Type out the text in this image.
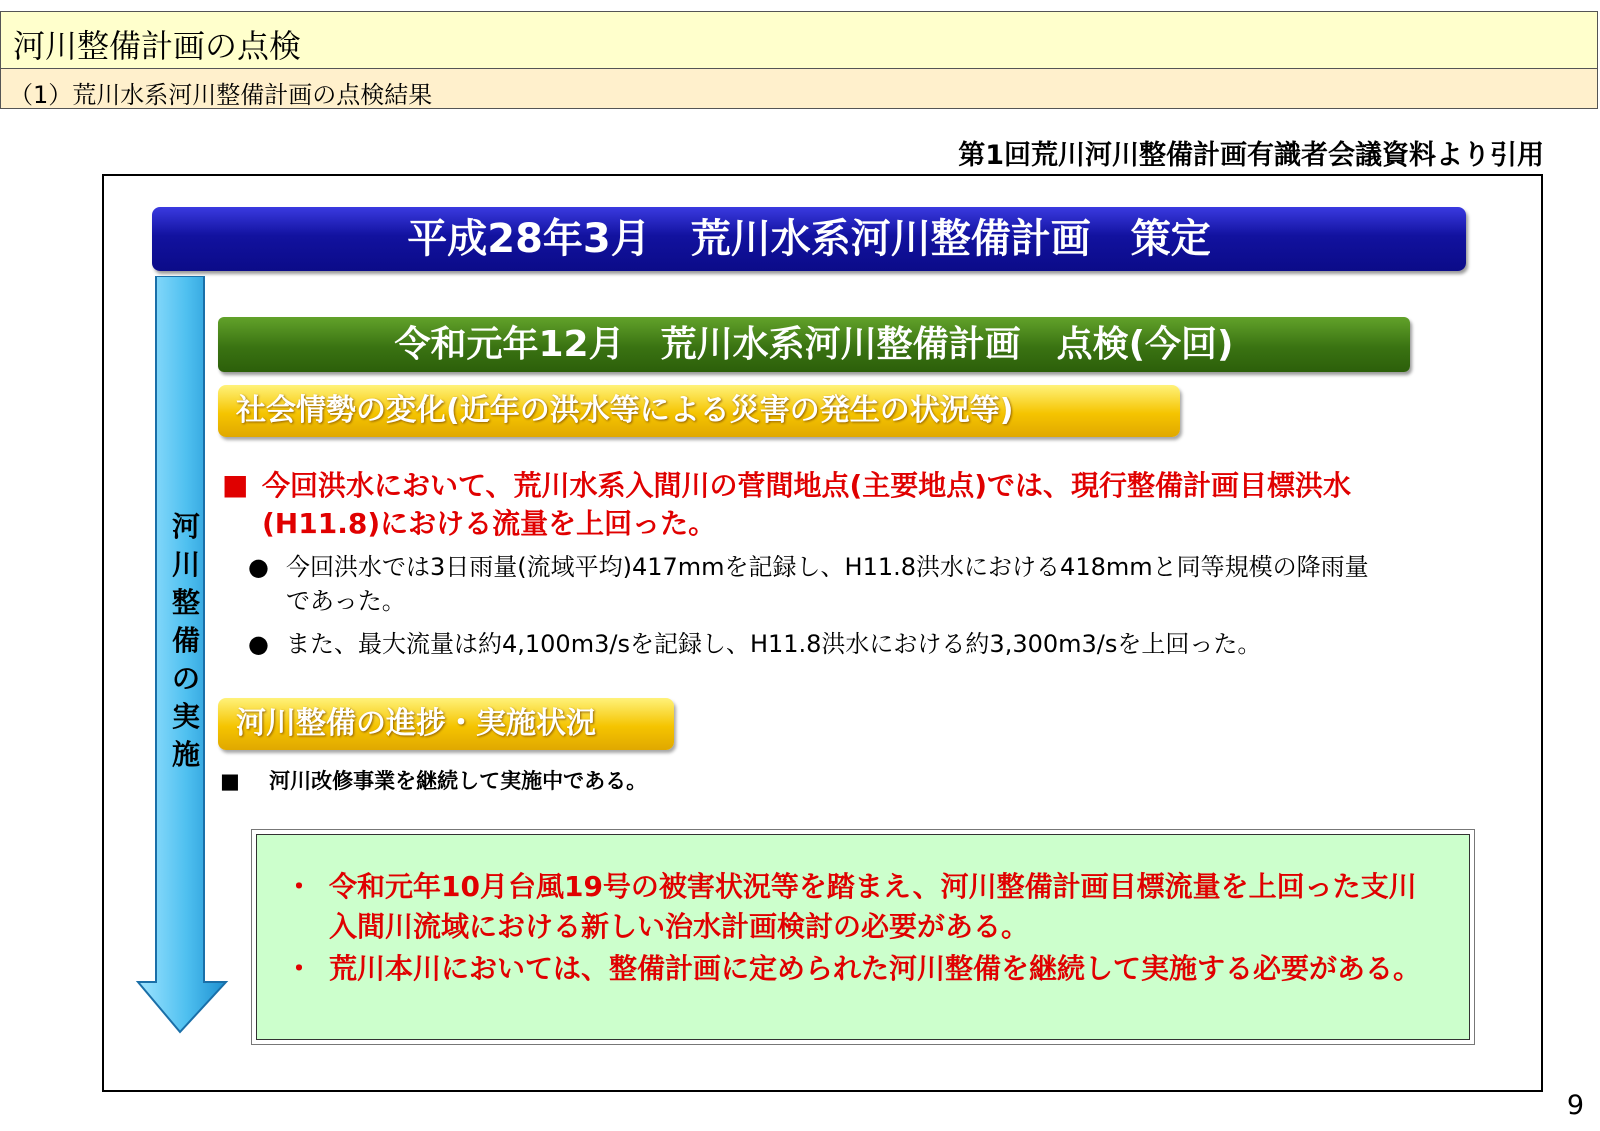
河川整備計画の点検
（1）荒川水系河川整備計画の点検結果
第1回荒川河川整備計画有識者会議資料より引用
平成28年3月　荒川水系河川整備計画　策定
河
川
整
備
の
実
施
令和元年12月　荒川水系河川整備計画　点検(今回)
社会情勢の変化(近年の洪水等による災害の発生の状況等)
■ 今回洪水において、荒川水系入間川の菅間地点(主要地点)では、現行整備計画目標洪水(H11.8)における流量を上回った。
● 今回洪水では3日雨量(流域平均)417mmを記録し、H11.8洪水における418mmと同等規模の降雨量であった。
● また、最大流量は約4,100m3/sを記録し、H11.8洪水における約3,300m3/sを上回った。
河川整備の進捗・実施状況
■ 河川改修事業を継続して実施中である。
・ 令和元年10月台風19号の被害状況等を踏まえ、河川整備計画目標流量を上回った支川入間川流域における新しい治水計画検討の必要がある。
・ 荒川本川においては、整備計画に定められた河川整備を継続して実施する必要がある。
9
